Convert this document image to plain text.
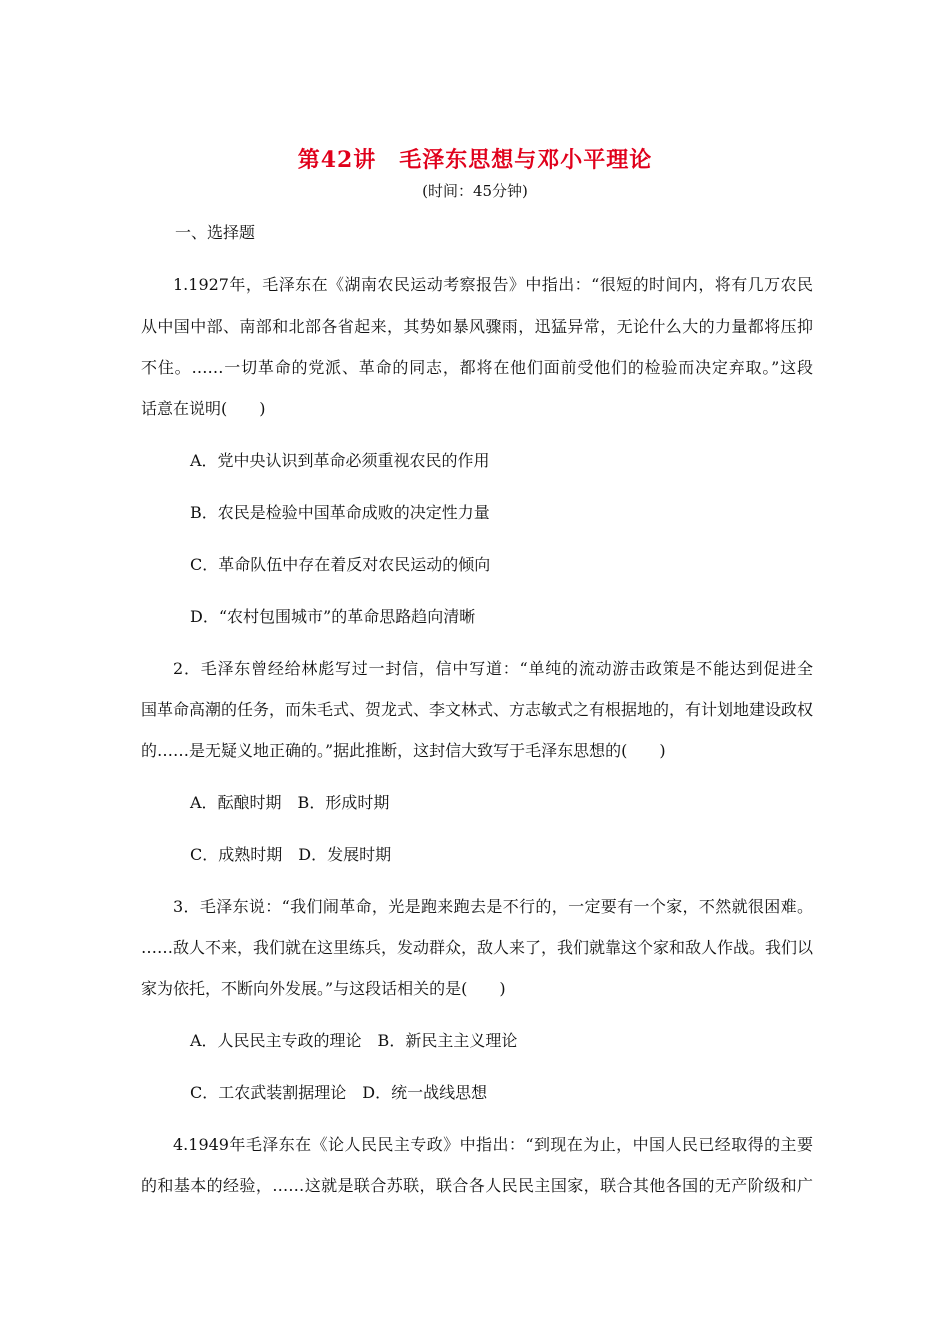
第42讲　毛泽东思想与邓小平理论
(时间：45分钟)
一、选择题
1.1927年，毛泽东在《湖南农民运动考察报告》中指出：“很短的时间内，将有几万农民
从中国中部、南部和北部各省起来，其势如暴风骤雨，迅猛异常，无论什么大的力量都将压抑
不住。……一切革命的党派、革命的同志，都将在他们面前受他们的检验而决定弃取。”这段
话意在说明(　　)
A．党中央认识到革命必须重视农民的作用
B．农民是检验中国革命成败的决定性力量
C．革命队伍中存在着反对农民运动的倾向
D．“农村包围城市”的革命思路趋向清晰
2．毛泽东曾经给林彪写过一封信，信中写道：“单纯的流动游击政策是不能达到促进全
国革命高潮的任务，而朱毛式、贺龙式、李文林式、方志敏式之有根据地的，有计划地建设政权
的……是无疑义地正确的。”据此推断，这封信大致写于毛泽东思想的(　　)
A．酝酿时期　B．形成时期
C．成熟时期　D．发展时期
3．毛泽东说：“我们闹革命，光是跑来跑去是不行的，一定要有一个家，不然就很困难。
……敌人不来，我们就在这里练兵，发动群众，敌人来了，我们就靠这个家和敌人作战。我们以
家为依托，不断向外发展。”与这段话相关的是(　　)
A．人民民主专政的理论　B．新民主主义理论
C．工农武装割据理论　D．统一战线思想
4.1949年毛泽东在《论人民民主专政》中指出：“到现在为止，中国人民已经取得的主要
的和基本的经验，……这就是联合苏联，联合各人民民主国家，联合其他各国的无产阶级和广
